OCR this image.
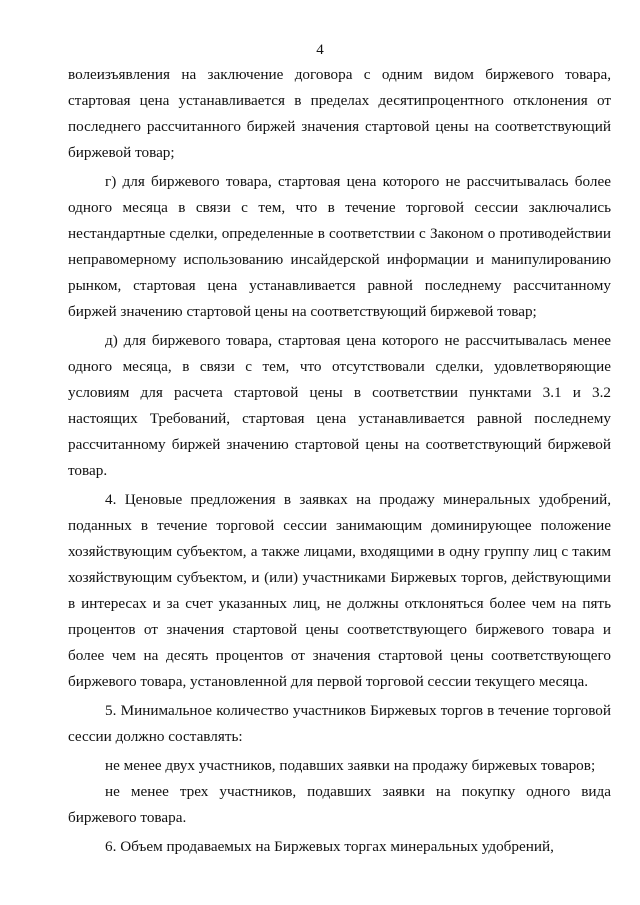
4

волеизъявления на заключение договора с одним видом биржевого товара, стартовая цена устанавливается в пределах десятипроцентного отклонения от последнего рассчитанного биржей значения стартовой цены на соответствующий биржевой товар;

г) для биржевого товара, стартовая цена которого не рассчитывалась более одного месяца в связи с тем, что в течение торговой сессии заключались нестандартные сделки, определенные в соответствии с Законом о противодействии неправомерному использованию инсайдерской информации и манипулированию рынком, стартовая цена устанавливается равной последнему рассчитанному биржей значению стартовой цены на соответствующий биржевой товар;

д) для биржевого товара, стартовая цена которого не рассчитывалась менее одного месяца, в связи с тем, что отсутствовали сделки, удовлетворяющие условиям для расчета стартовой цены в соответствии пунктами 3.1 и 3.2 настоящих Требований, стартовая цена устанавливается равной последнему рассчитанному биржей значению стартовой цены на соответствующий биржевой товар.

4. Ценовые предложения в заявках на продажу минеральных удобрений, поданных в течение торговой сессии занимающим доминирующее положение хозяйствующим субъектом, а также лицами, входящими в одну группу лиц с таким хозяйствующим субъектом, и (или) участниками Биржевых торгов, действующими в интересах и за счет указанных лиц, не должны отклоняться более чем на пять процентов от значения стартовой цены соответствующего биржевого товара и более чем на десять процентов от значения стартовой цены соответствующего биржевого товара, установленной для первой торговой сессии текущего месяца.

5. Минимальное количество участников Биржевых торгов в течение торговой сессии должно составлять:

не менее двух участников, подавших заявки на продажу биржевых товаров;

не менее трех участников, подавших заявки на покупку одного вида биржевого товара.

6. Объем продаваемых на Биржевых торгах минеральных удобрений,
